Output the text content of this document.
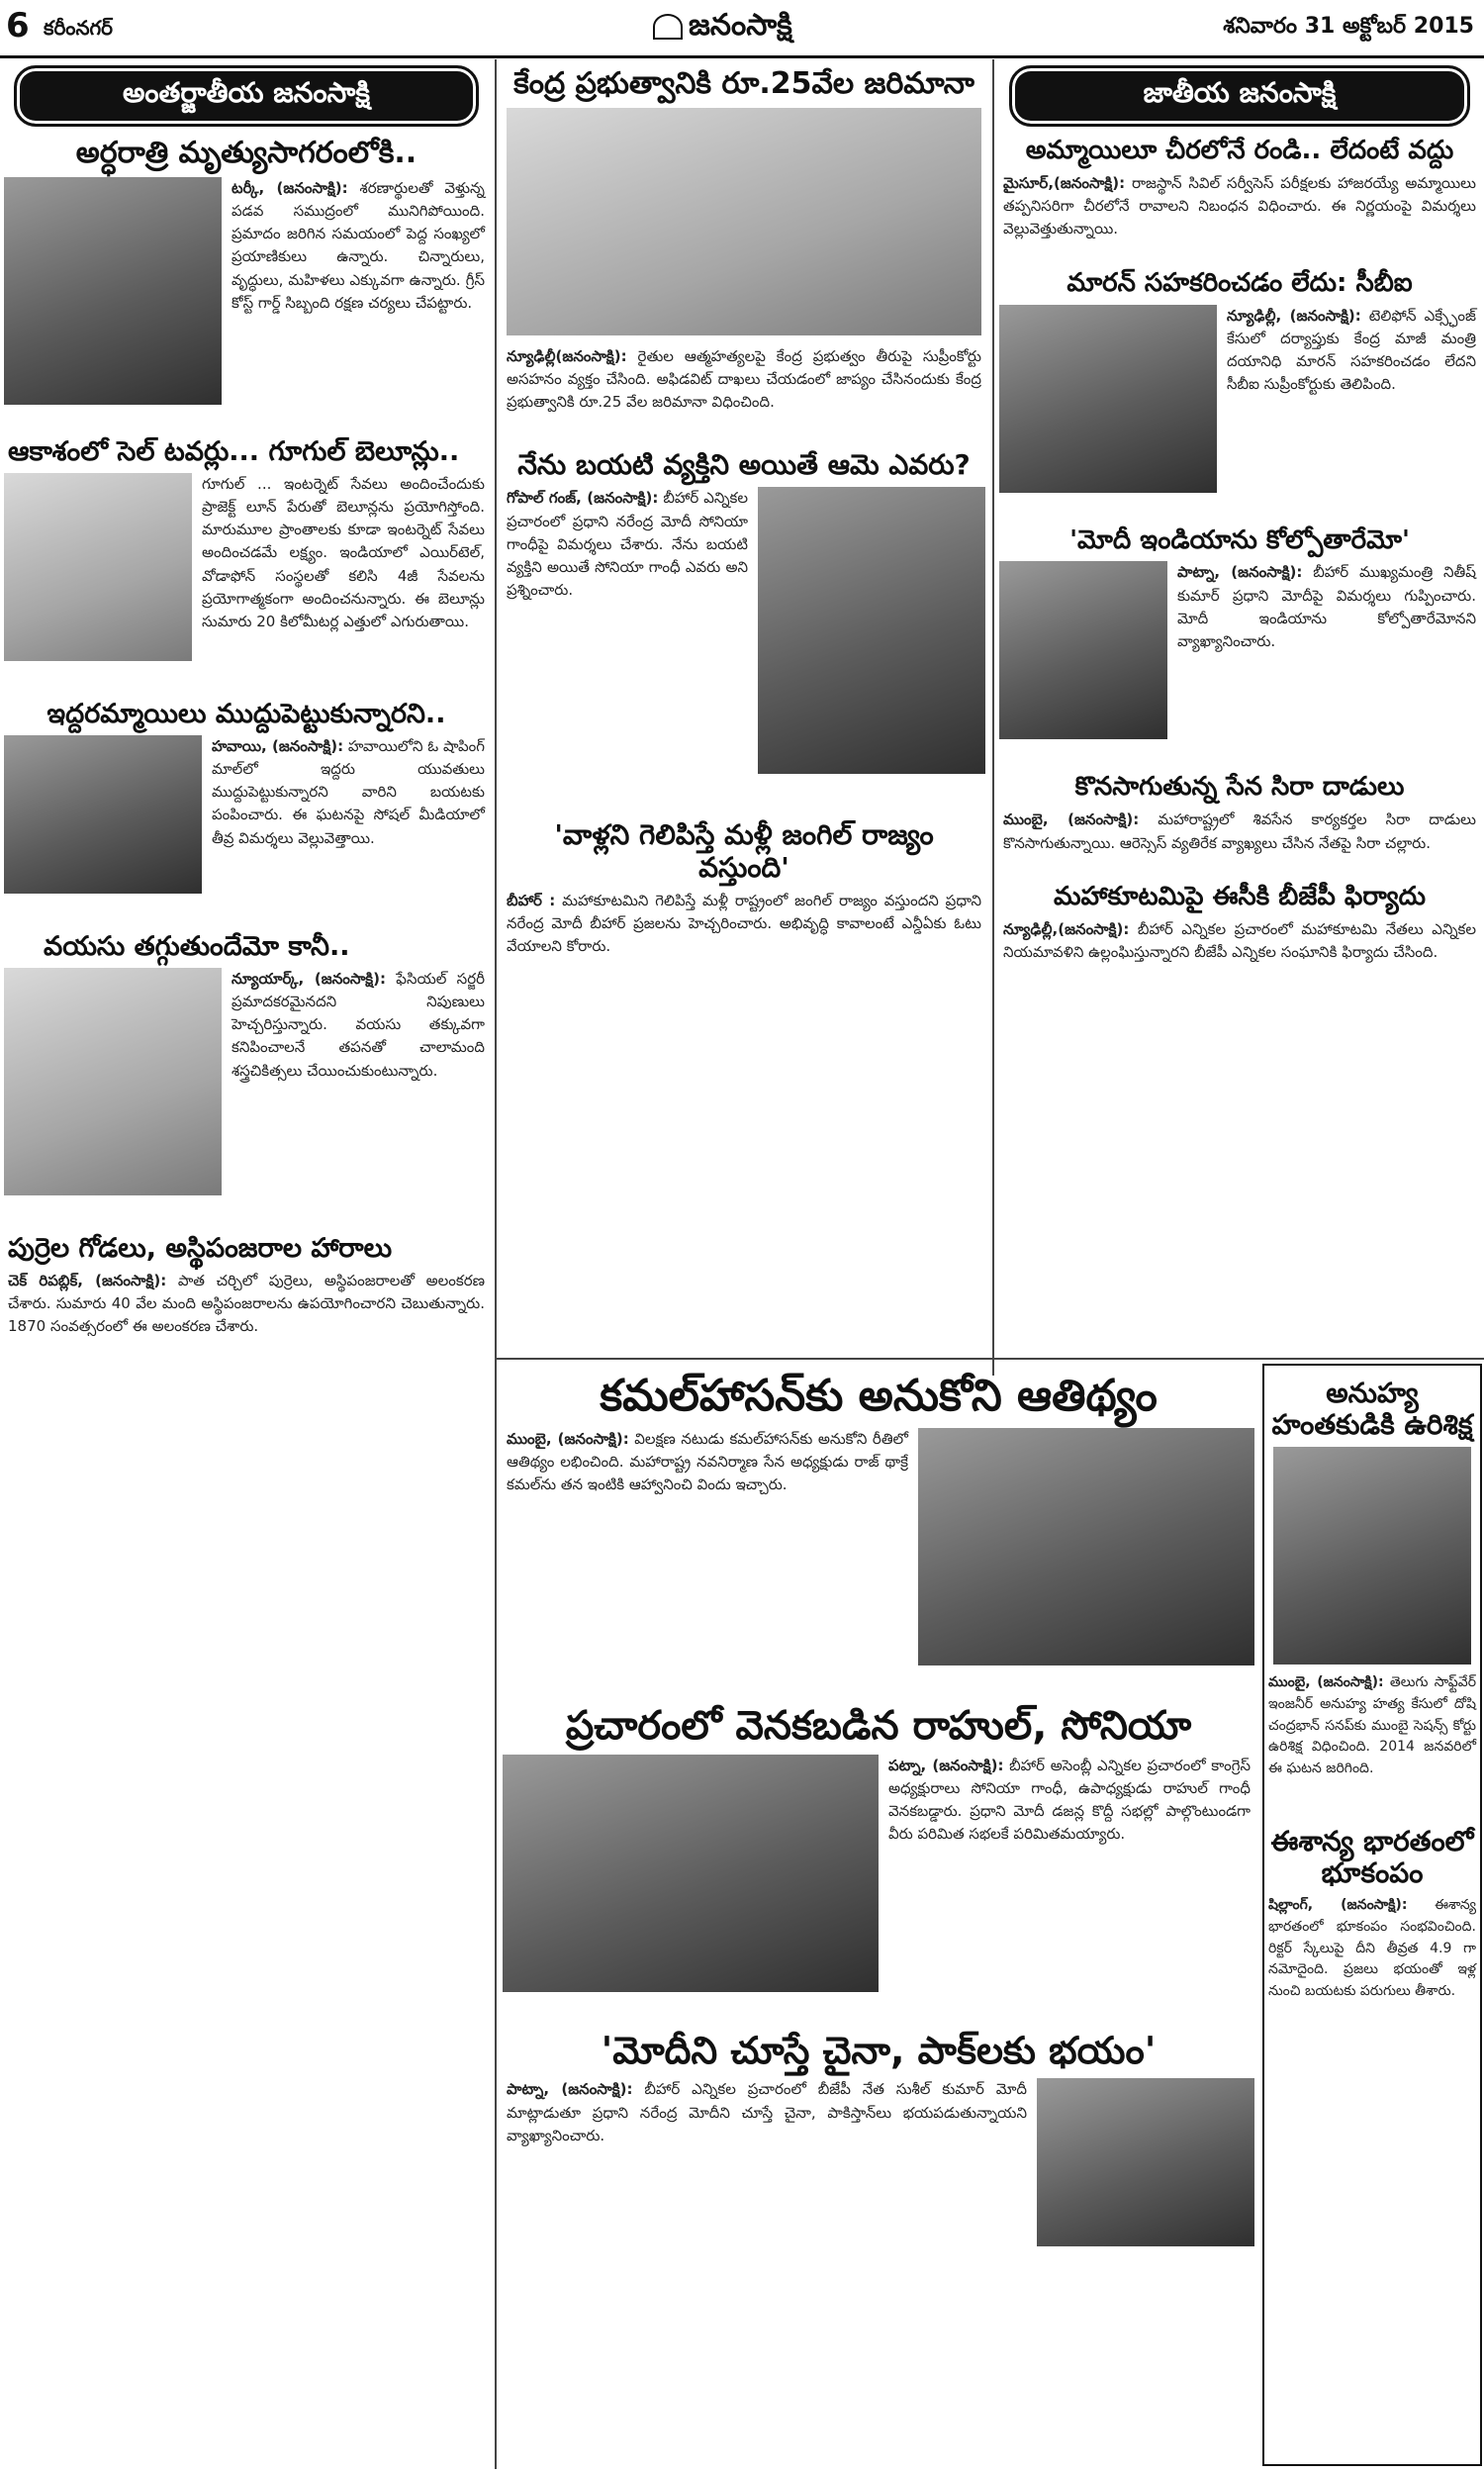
6 కరీంనగర్	జనంసాక్షి	శనివారం 31 అక్టోబర్ 2015
అంతర్జాతీయ జనంసాక్షి
అర్ధరాత్రి మృత్యుసాగరంలోకి..
టర్కీ, (జనంసాక్షి): శరణార్థులతో వెళ్తున్న పడవ సముద్రంలో మునిగిపోయింది. ప్రమాదం జరిగిన సమయంలో పెద్ద సంఖ్యలో ప్రయాణికులు ఉన్నారు. చిన్నారులు, వృద్ధులు, మహిళలు ఎక్కువగా ఉన్నారు. గ్రీస్ కోస్ట్ గార్డ్ సిబ్బంది రక్షణ చర్యలు చేపట్టారు.
ఆకాశంలో సెల్ టవర్లు... గూగుల్ బెలూన్లు..
గూగుల్ ... ఇంటర్నెట్ సేవలు అందించేందుకు ప్రాజెక్ట్ లూన్ పేరుతో బెలూన్లను ప్రయోగిస్తోంది. మారుమూల ప్రాంతాలకు కూడా ఇంటర్నెట్ సేవలు అందించడమే లక్ష్యం. ఇండియాలో ఎయిర్‌టెల్, వోడాఫోన్ సంస్థలతో కలిసి 4జీ సేవలను ప్రయోగాత్మకంగా అందించనున్నారు. ఈ బెలూన్లు సుమారు 20 కిలోమీటర్ల ఎత్తులో ఎగురుతాయి.
ఇద్దరమ్మాయిలు ముద్దుపెట్టుకున్నారని..
హవాయి, (జనంసాక్షి): హవాయిలోని ఓ షాపింగ్ మాల్‌లో ఇద్దరు యువతులు ముద్దుపెట్టుకున్నారని వారిని బయటకు పంపించారు. ఈ ఘటనపై సోషల్ మీడియాలో తీవ్ర విమర్శలు వెల్లువెత్తాయి.
వయసు తగ్గుతుందేమో కానీ..
న్యూయార్క్, (జనంసాక్షి): ఫేసియల్ సర్జరీ ప్రమాదకరమైనదని నిపుణులు హెచ్చరిస్తున్నారు. వయసు తక్కువగా కనిపించాలనే తపనతో చాలామంది శస్త్రచికిత్సలు చేయించుకుంటున్నారు.
పుర్రెల గోడలు, అస్థిపంజరాల హారాలు
చెక్ రిపబ్లిక్, (జనంసాక్షి): పాత చర్చిలో పుర్రెలు, అస్థిపంజరాలతో అలంకరణ చేశారు. సుమారు 40 వేల మంది అస్థిపంజరాలను ఉపయోగించారని చెబుతున్నారు. 1870 సంవత్సరంలో ఈ అలంకరణ చేశారు.
కేంద్ర ప్రభుత్వానికి రూ.25వేల జరిమానా
న్యూఢిల్లీ(జనంసాక్షి): రైతుల ఆత్మహత్యలపై కేంద్ర ప్రభుత్వం తీరుపై సుప్రీంకోర్టు అసహనం వ్యక్తం చేసింది. అఫిడవిట్ దాఖలు చేయడంలో జాప్యం చేసినందుకు కేంద్ర ప్రభుత్వానికి రూ.25 వేల జరిమానా విధించింది.
నేను బయటి వ్యక్తిని అయితే ఆమె ఎవరు?
గోపాల్ గంజ్, (జనంసాక్షి): బీహార్ ఎన్నికల ప్రచారంలో ప్రధాని నరేంద్ర మోదీ సోనియా గాంధీపై విమర్శలు చేశారు. నేను బయటి వ్యక్తిని అయితే సోనియా గాంధీ ఎవరు అని ప్రశ్నించారు.
'వాళ్లని గెలిపిస్తే మళ్లీ జంగిల్ రాజ్యం వస్తుంది'
బీహార్ : మహాకూటమిని గెలిపిస్తే మళ్లీ రాష్ట్రంలో జంగిల్ రాజ్యం వస్తుందని ప్రధాని నరేంద్ర మోదీ బీహార్ ప్రజలను హెచ్చరించారు. అభివృద్ధి కావాలంటే ఎన్డీఏకు ఓటు వేయాలని కోరారు.
జాతీయ జనంసాక్షి
అమ్మాయిలూ చీరలోనే రండి.. లేదంటే వద్దు
మైసూర్,(జనంసాక్షి): రాజస్థాన్ సివిల్ సర్వీసెస్ పరీక్షలకు హాజరయ్యే అమ్మాయిలు తప్పనిసరిగా చీరలోనే రావాలని నిబంధన విధించారు. ఈ నిర్ణయంపై విమర్శలు వెల్లువెత్తుతున్నాయి.
మారన్ సహకరించడం లేదు: సీబీఐ
న్యూఢిల్లీ, (జనంసాక్షి): టెలిఫోన్ ఎక్స్ఛేంజ్ కేసులో దర్యాప్తుకు కేంద్ర మాజీ మంత్రి దయానిధి మారన్ సహకరించడం లేదని సీబీఐ సుప్రీంకోర్టుకు తెలిపింది.
'మోదీ ఇండియాను కోల్పోతారేమో'
పాట్నా, (జనంసాక్షి): బీహార్ ముఖ్యమంత్రి నితీష్ కుమార్ ప్రధాని మోదీపై విమర్శలు గుప్పించారు. మోదీ ఇండియాను కోల్పోతారేమోనని వ్యాఖ్యానించారు.
కొనసాగుతున్న సేన సిరా దాడులు
ముంబై, (జనంసాక్షి): మహారాష్ట్రలో శివసేన కార్యకర్తల సిరా దాడులు కొనసాగుతున్నాయి. ఆరెస్సెస్ వ్యతిరేక వ్యాఖ్యలు చేసిన నేతపై సిరా చల్లారు.
మహాకూటమిపై ఈసీకి బీజేపీ ఫిర్యాదు
న్యూఢిల్లీ,(జనంసాక్షి): బీహార్ ఎన్నికల ప్రచారంలో మహాకూటమి నేతలు ఎన్నికల నియమావళిని ఉల్లంఘిస్తున్నారని బీజేపీ ఎన్నికల సంఘానికి ఫిర్యాదు చేసింది.
కమల్‌హాసన్‌కు అనుకోని ఆతిథ్యం
ముంబై, (జనంసాక్షి): విలక్షణ నటుడు కమల్‌హాసన్‌కు అనుకోని రీతిలో ఆతిథ్యం లభించింది. మహారాష్ట్ర నవనిర్మాణ సేన అధ్యక్షుడు రాజ్ థాక్రే కమల్‌ను తన ఇంటికి ఆహ్వానించి విందు ఇచ్చారు.
ప్రచారంలో వెనకబడిన రాహుల్, సోనియా
పట్నా, (జనంసాక్షి): బీహార్ అసెంబ్లీ ఎన్నికల ప్రచారంలో కాంగ్రెస్ అధ్యక్షురాలు సోనియా గాంధీ, ఉపాధ్యక్షుడు రాహుల్ గాంధీ వెనకబడ్డారు. ప్రధాని మోదీ డజన్ల కొద్దీ సభల్లో పాల్గొంటుండగా వీరు పరిమిత సభలకే పరిమితమయ్యారు.
'మోదీని చూస్తే చైనా, పాక్‌లకు భయం'
పాట్నా, (జనంసాక్షి): బీహార్ ఎన్నికల ప్రచారంలో బీజేపీ నేత సుశీల్ కుమార్ మోదీ మాట్లాడుతూ ప్రధాని నరేంద్ర మోదీని చూస్తే చైనా, పాకిస్తాన్‌లు భయపడుతున్నాయని వ్యాఖ్యానించారు.
అనుహ్య హంతకుడికి ఉరిశిక్ష
ముంబై, (జనంసాక్షి): తెలుగు సాఫ్ట్‌వేర్ ఇంజనీర్ అనుహ్య హత్య కేసులో దోషి చంద్రభాన్ సనప్‌కు ముంబై సెషన్స్ కోర్టు ఉరిశిక్ష విధించింది. 2014 జనవరిలో ఈ ఘటన జరిగింది.
ఈశాన్య భారతంలో భూకంపం
షిల్లాంగ్, (జనంసాక్షి): ఈశాన్య భారతంలో భూకంపం సంభవించింది. రిక్టర్ స్కేలుపై దీని తీవ్రత 4.9 గా నమోదైంది. ప్రజలు భయంతో ఇళ్ల నుంచి బయటకు పరుగులు తీశారు.
